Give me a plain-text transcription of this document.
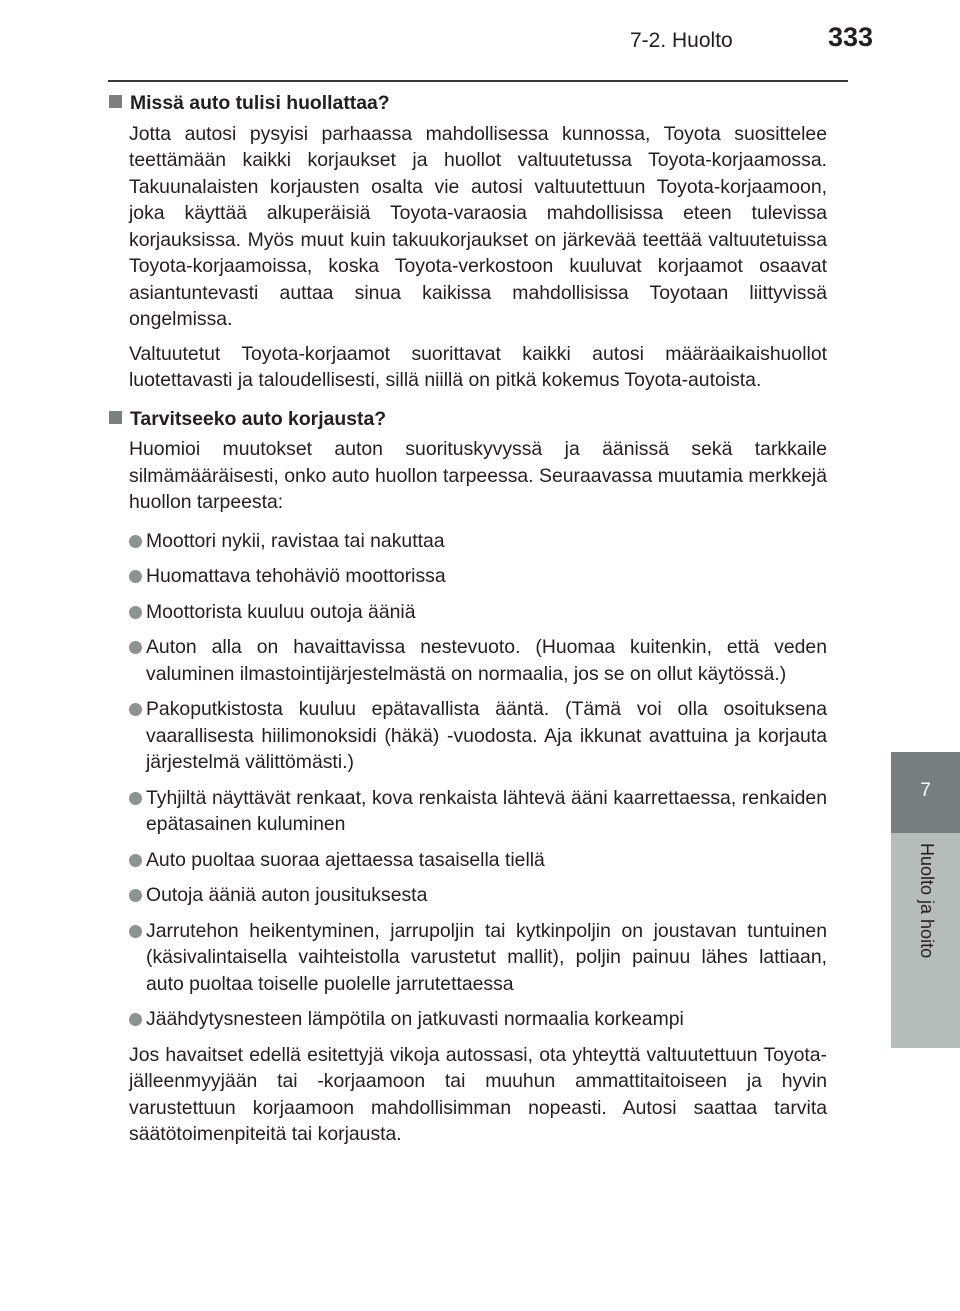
7-2. Huolto	333
7
Huolto ja hoito
Missä auto tulisi huollattaa?

Jotta autosi pysyisi parhaassa mahdollisessa kunnossa, Toyota suosittelee teettämään kaikki korjaukset ja huollot valtuutetussa Toyota-korjaamossa. Takuunalaisten korjausten osalta vie autosi valtuutettuun Toyota-korjaamoon, joka käyttää alkuperäisiä Toyota-varaosia mahdollisissa eteen tulevissa korjauksissa. Myös muut kuin takuukorjaukset on järkevää teettää valtuutetuissa Toyota-korjaamoissa, koska Toyota-verkostoon kuuluvat korjaamot osaavat asiantuntevasti auttaa sinua kaikissa mahdollisissa Toyotaan liittyvissä ongelmissa.

Valtuutetut Toyota-korjaamot suorittavat kaikki autosi määräaikaishuollot luotettavasti ja taloudellisesti, sillä niillä on pitkä kokemus Toyota-autoista.

Tarvitseeko auto korjausta?

Huomioi muutokset auton suorituskyvyssä ja äänissä sekä tarkkaile silmämääräisesti, onko auto huollon tarpeessa. Seuraavassa muutamia merkkejä huollon tarpeesta:

Moottori nykii, ravistaa tai nakuttaa
Huomattava tehohäviö moottorissa
Moottorista kuuluu outoja ääniä
Auton alla on havaittavissa nestevuoto. (Huomaa kuitenkin, että veden valuminen ilmastointijärjestelmästä on normaalia, jos se on ollut käytössä.)
Pakoputkistosta kuuluu epätavallista ääntä. (Tämä voi olla osoituksena vaarallisesta hiilimonoksidi (häkä) -vuodosta. Aja ikkunat avattuina ja korjauta järjestelmä välittömästi.)
Tyhjiltä näyttävät renkaat, kova renkaista lähtevä ääni kaarrettaessa, renkaiden epätasainen kuluminen
Auto puoltaa suoraa ajettaessa tasaisella tiellä
Outoja ääniä auton jousituksesta
Jarrutehon heikentyminen, jarrupoljin tai kytkinpoljin on joustavan tuntuinen (käsivalintaisella vaihteistolla varustetut mallit), poljin painuu lähes lattiaan, auto puoltaa toiselle puolelle jarrutettaessa
Jäähdytysnesteen lämpötila on jatkuvasti normaalia korkeampi

Jos havaitset edellä esitettyjä vikoja autossasi, ota yhteyttä valtuutettuun Toyota-jälleenmyyjään tai -korjaamoon tai muuhun ammattitaitoiseen ja hyvin varustettuun korjaamoon mahdollisimman nopeasti. Autosi saattaa tarvita säätötoimenpiteitä tai korjausta.
